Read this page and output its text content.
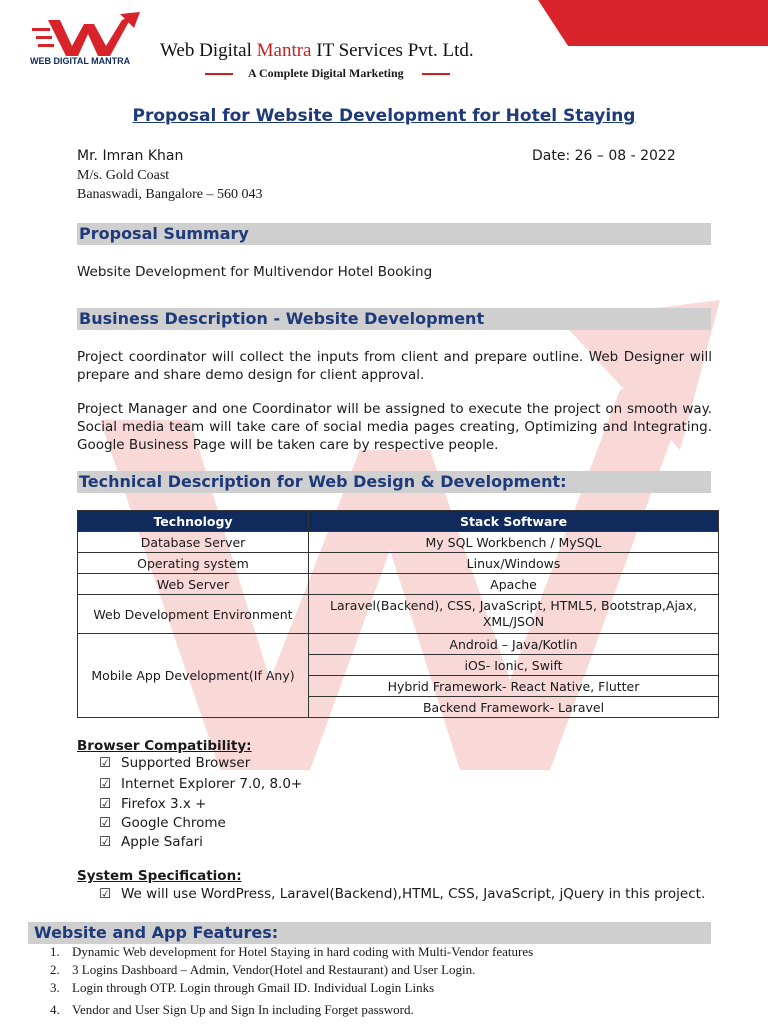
WEB DIGITAL MANTRA Web Digital Mantra IT Services Pvt. Ltd.
A Complete Digital Marketing
Proposal for Website Development for Hotel Staying
Mr. Imran Khan	Date: 26 – 08 - 2022
M/s. Gold Coast
Banaswadi, Bangalore – 560 043
Proposal Summary
Website Development for Multivendor Hotel Booking
Business Description - Website Development
Project coordinator will collect the inputs from client and prepare outline. Web Designer will prepare and share demo design for client approval.
Project Manager and one Coordinator will be assigned to execute the project on smooth way. Social media team will take care of social media pages creating, Optimizing and Integrating. Google Business Page will be taken care by respective people.
Technical Description for Web Design & Development:
Technology	Stack Software
Database Server	My SQL Workbench / MySQL
Operating system	Linux/Windows
Web Server	Apache
Web Development Environment	Laravel(Backend), CSS, JavaScript, HTML5, Bootstrap,Ajax, XML/JSON
Mobile App Development(If Any)	Android – Java/Kotlin
	iOS- Ionic, Swift
	Hybrid Framework- React Native, Flutter
	Backend Framework- Laravel
Browser Compatibility:
☑ Supported Browser
☑ Internet Explorer 7.0, 8.0+
☑ Firefox 3.x +
☑ Google Chrome
☑ Apple Safari
System Specification:
☑ We will use WordPress, Laravel(Backend),HTML, CSS, JavaScript, jQuery in this project.
Website and App Features:
1. Dynamic Web development for Hotel Staying in hard coding with Multi-Vendor features
2. 3 Logins Dashboard – Admin, Vendor(Hotel and Restaurant) and User Login.
3. Login through OTP. Login through Gmail ID. Individual Login Links
4. Vendor and User Sign Up and Sign In including Forget password.
